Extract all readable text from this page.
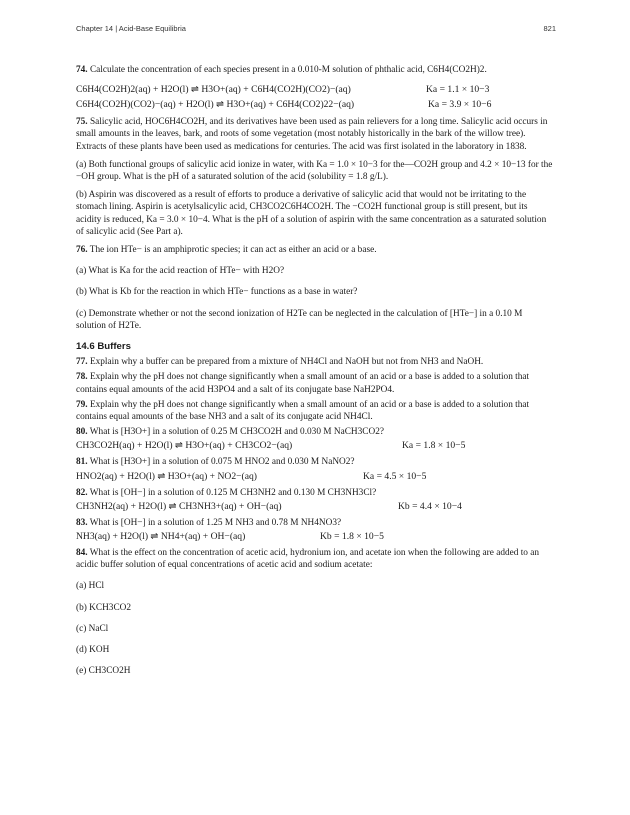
Chapter 14 | Acid-Base Equilibria	821

74. Calculate the concentration of each species present in a 0.010-M solution of phthalic acid, C6H4(CO2H)2.

C6H4(CO2H)2(aq) + H2O(l) ⇌ H3O+(aq) + C6H4(CO2H)(CO2)−(aq)	Ka = 1.1 × 10−3
C6H4(CO2H)(CO2)−(aq) + H2O(l) ⇌ H3O+(aq) + C6H4(CO2)22−(aq)	Ka = 3.9 × 10−6

75. Salicylic acid, HOC6H4CO2H, and its derivatives have been used as pain relievers for a long time. Salicylic acid occurs in small amounts in the leaves, bark, and roots of some vegetation (most notably historically in the bark of the willow tree). Extracts of these plants have been used as medications for centuries. The acid was first isolated in the laboratory in 1838.

(a) Both functional groups of salicylic acid ionize in water, with Ka = 1.0 × 10−3 for the—CO2H group and 4.2 × 10−13 for the −OH group. What is the pH of a saturated solution of the acid (solubility = 1.8 g/L).

(b) Aspirin was discovered as a result of efforts to produce a derivative of salicylic acid that would not be irritating to the stomach lining. Aspirin is acetylsalicylic acid, CH3CO2C6H4CO2H. The −CO2H functional group is still present, but its acidity is reduced, Ka = 3.0 × 10−4. What is the pH of a solution of aspirin with the same concentration as a saturated solution of salicylic acid (See Part a).

76. The ion HTe− is an amphiprotic species; it can act as either an acid or a base.

(a) What is Ka for the acid reaction of HTe− with H2O?

(b) What is Kb for the reaction in which HTe− functions as a base in water?

(c) Demonstrate whether or not the second ionization of H2Te can be neglected in the calculation of [HTe−] in a 0.10 M solution of H2Te.

14.6 Buffers

77. Explain why a buffer can be prepared from a mixture of NH4Cl and NaOH but not from NH3 and NaOH.

78. Explain why the pH does not change significantly when a small amount of an acid or a base is added to a solution that contains equal amounts of the acid H3PO4 and a salt of its conjugate base NaH2PO4.

79. Explain why the pH does not change significantly when a small amount of an acid or a base is added to a solution that contains equal amounts of the base NH3 and a salt of its conjugate acid NH4Cl.

80. What is [H3O+] in a solution of 0.25 M CH3CO2H and 0.030 M NaCH3CO2?

CH3CO2H(aq) + H2O(l) ⇌ H3O+(aq) + CH3CO2−(aq)	Ka = 1.8 × 10−5

81. What is [H3O+] in a solution of 0.075 M HNO2 and 0.030 M NaNO2?

HNO2(aq) + H2O(l) ⇌ H3O+(aq) + NO2−(aq)	Ka = 4.5 × 10−5

82. What is [OH−] in a solution of 0.125 M CH3NH2 and 0.130 M CH3NH3Cl?

CH3NH2(aq) + H2O(l) ⇌ CH3NH3+(aq) + OH−(aq)	Kb = 4.4 × 10−4

83. What is [OH−] in a solution of 1.25 M NH3 and 0.78 M NH4NO3?

NH3(aq) + H2O(l) ⇌ NH4+(aq) + OH−(aq)	Kb = 1.8 × 10−5

84. What is the effect on the concentration of acetic acid, hydronium ion, and acetate ion when the following are added to an acidic buffer solution of equal concentrations of acetic acid and sodium acetate:

(a) HCl

(b) KCH3CO2

(c) NaCl

(d) KOH

(e) CH3CO2H
